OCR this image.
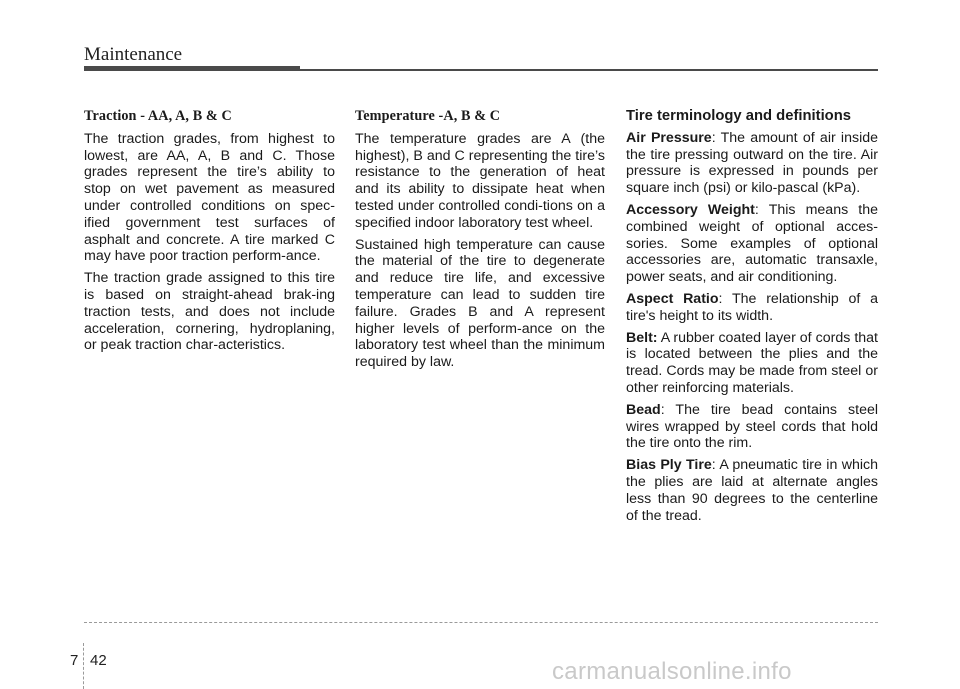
Maintenance
Traction - AA, A, B & C

The traction grades, from highest to lowest, are AA, A, B and C. Those grades represent the tire’s ability to stop on wet pavement as measured under controlled conditions on spec-ified government test surfaces of asphalt and concrete. A tire marked C may have poor traction perform-ance.

The traction grade assigned to this tire is based on straight-ahead brak-ing traction tests, and does not include acceleration, cornering, hydroplaning, or peak traction char-acteristics.

Temperature -A, B & C

The temperature grades are A (the highest), B and C representing the tire’s resistance to the generation of heat and its ability to dissipate heat when tested under controlled condi-tions on a specified indoor laboratory test wheel.

Sustained high temperature can cause the material of the tire to degenerate and reduce tire life, and excessive temperature can lead to sudden tire failure. Grades B and A represent higher levels of perform-ance on the laboratory test wheel than the minimum required by law.

Tire terminology and definitions

Air Pressure: The amount of air inside the tire pressing outward on the tire. Air pressure is expressed in pounds per square inch (psi) or kilo-pascal (kPa).

Accessory Weight: This means the combined weight of optional acces-sories. Some examples of optional accessories are, automatic transaxle, power seats, and air conditioning.

Aspect Ratio: The relationship of a tire's height to its width.

Belt: A rubber coated layer of cords that is located between the plies and the tread. Cords may be made from steel or other reinforcing materials.

Bead: The tire bead contains steel wires wrapped by steel cords that hold the tire onto the rim.

Bias Ply Tire: A pneumatic tire in which the plies are laid at alternate angles less than 90 degrees to the centerline of the tread.

7 42	carmanualsonline.info
